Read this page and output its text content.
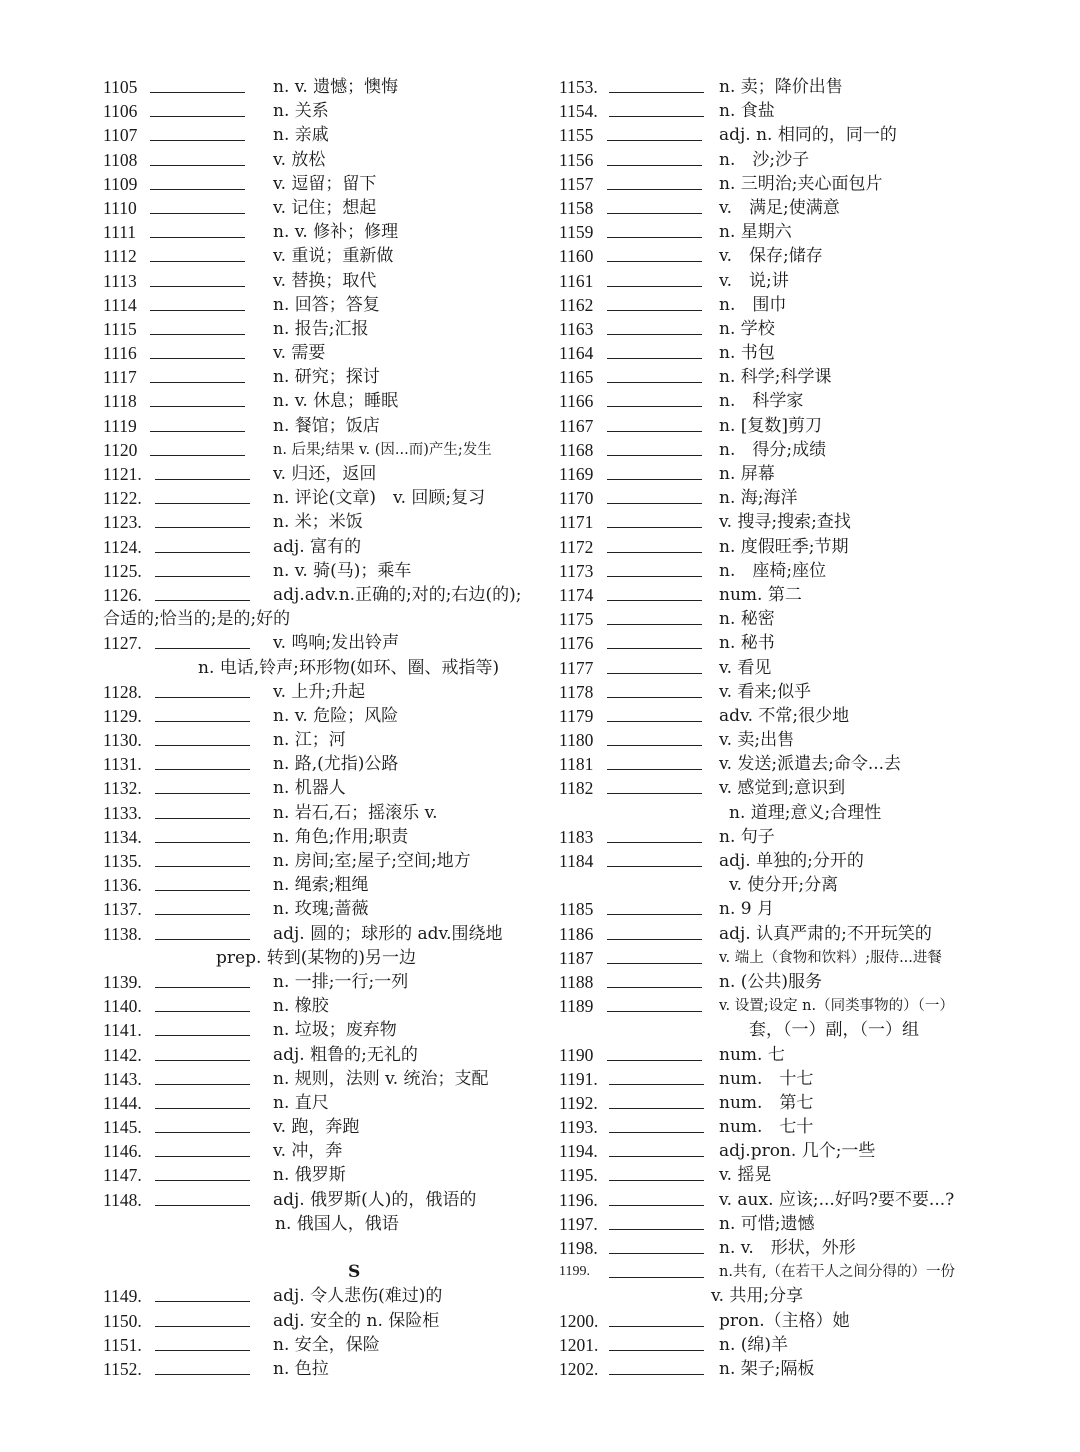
1105	n. v. 遗憾；懊悔
1106	n. 关系
1107	n. 亲戚
1108	v. 放松
1109	v. 逗留；留下
1110	v. 记住；想起
1111	n. v. 修补；修理
1112	v. 重说；重新做
1113	v. 替换；取代
1114	n. 回答；答复
1115	n. 报告;汇报
1116	v. 需要
1117	n. 研究；探讨
1118	n. v. 休息；睡眠
1119	n. 餐馆；饭店
1120	n. 后果;结果 v. (因...而)产生;发生
1121.	v. 归还，返回
1122.	n. 评论(文章)　v. 回顾;复习
1123.	n. 米；米饭
1124.	adj. 富有的
1125.	n. v. 骑(马)；乘车
1126.	adj.adv.n.正确的;对的;右边(的);
合适的;恰当的;是的;好的
1127.	v. 鸣响;发出铃声
n. 电话,铃声;环形物(如环、圈、戒指等)
1128.	v. 上升;升起
1129.	n. v. 危险；风险
1130.	n. 江；河
1131.	n. 路,(尤指)公路
1132.	n. 机器人
1133.	n. 岩石,石；摇滚乐 v.
1134.	n. 角色;作用;职责
1135.	n. 房间;室;屋子;空间;地方
1136.	n. 绳索;粗绳
1137.	n. 玫瑰;蔷薇
1138.	adj. 圆的；球形的 adv.围绕地
prep. 转到(某物的)另一边
1139.	n. 一排;一行;一列
1140.	n. 橡胶
1141.	n. 垃圾；废弃物
1142.	adj. 粗鲁的;无礼的
1143.	n. 规则，法则 v. 统治；支配
1144.	n. 直尺
1145.	v. 跑，奔跑
1146.	v. 冲，奔
1147.	n. 俄罗斯
1148.	adj. 俄罗斯(人)的，俄语的
n. 俄国人，俄语
S
1149.	adj. 令人悲伤(难过)的
1150.	adj. 安全的 n. 保险柜
1151.	n. 安全，保险
1152.	n. 色拉
1153.	n. 卖；降价出售
1154.	n. 食盐
1155	adj. n. 相同的，同一的
1156	n.　沙;沙子
1157	n. 三明治;夹心面包片
1158	v.　满足;使满意
1159	n. 星期六
1160	v.　保存;储存
1161	v.　说;讲
1162	n.　围巾
1163	n. 学校
1164	n. 书包
1165	n. 科学;科学课
1166	n.　科学家
1167	n. [复数]剪刀
1168	n.　得分;成绩
1169	n. 屏幕
1170	n. 海;海洋
1171	v. 搜寻;搜索;查找
1172	n. 度假旺季;节期
1173	n.　座椅;座位
1174	num. 第二
1175	n. 秘密
1176	n. 秘书
1177	v. 看见
1178	v. 看来;似乎
1179	adv. 不常;很少地
1180	v. 卖;出售
1181	v. 发送;派遣去;命令...去
1182	v. 感觉到;意识到
n. 道理;意义;合理性
1183	n. 句子
1184	adj. 单独的;分开的
v. 使分开;分离
1185	n. 9 月
1186	adj. 认真严肃的;不开玩笑的
1187	v. 端上（食物和饮料）;服侍...进餐
1188	n. (公共)服务
1189	v. 设置;设定 n.（同类事物的）（一）
套，（一）副，（一）组
1190	num. 七
1191.	num.　十七
1192.	num.　第七
1193.	num.　七十
1194.	adj.pron. 几个;一些
1195.	v. 摇晃
1196.	v. aux. 应该;...好吗?要不要...?
1197.	n. 可惜;遗憾
1198.	n. v.　形状，外形
1199.	n.共有,（在若干人之间分得的）一份
v. 共用;分享
1200.	pron.（主格）她
1201.	n. (绵)羊
1202.	n. 架子;隔板
